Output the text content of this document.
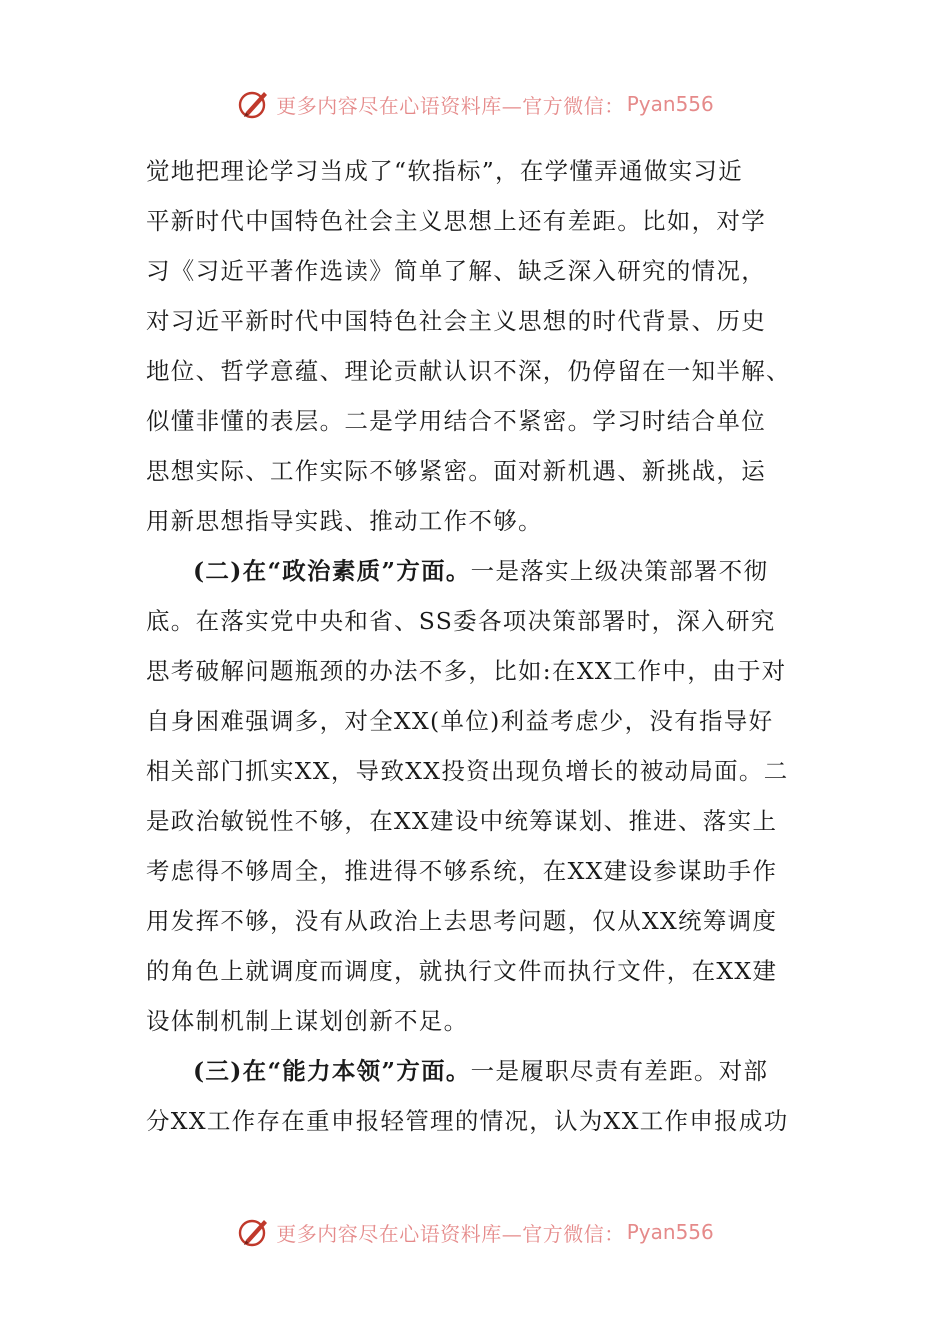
更多内容尽在心语资料库—官方微信： Pyan556
觉地把理论学习当成了“软指标”，在学懂弄通做实习近
平新时代中国特色社会主义思想上还有差距。比如，对学
习《习近平著作选读》简单了解、缺乏深入研究的情况，
对习近平新时代中国特色社会主义思想的时代背景、历史
地位、哲学意蕴、理论贡献认识不深，仍停留在一知半解、
似懂非懂的表层。二是学用结合不紧密。学习时结合单位
思想实际、工作实际不够紧密。面对新机遇、新挑战，运
用新思想指导实践、推动工作不够。
(二)在“政治素质”方面。一是落实上级决策部署不彻
底。在落实党中央和省、SS委各项决策部署时，深入研究
思考破解问题瓶颈的办法不多，比如:在XX工作中，由于对
自身困难强调多，对全XX(单位)利益考虑少，没有指导好
相关部门抓实XX，导致XX投资出现负增长的被动局面。二
是政治敏锐性不够，在XX建设中统筹谋划、推进、落实上
考虑得不够周全，推进得不够系统，在XX建设参谋助手作
用发挥不够，没有从政治上去思考问题，仅从XX统筹调度
的角色上就调度而调度，就执行文件而执行文件，在XX建
设体制机制上谋划创新不足。
(三)在“能力本领”方面。一是履职尽责有差距。对部
分XX工作存在重申报轻管理的情况，认为XX工作申报成功
更多内容尽在心语资料库—官方微信： Pyan556
